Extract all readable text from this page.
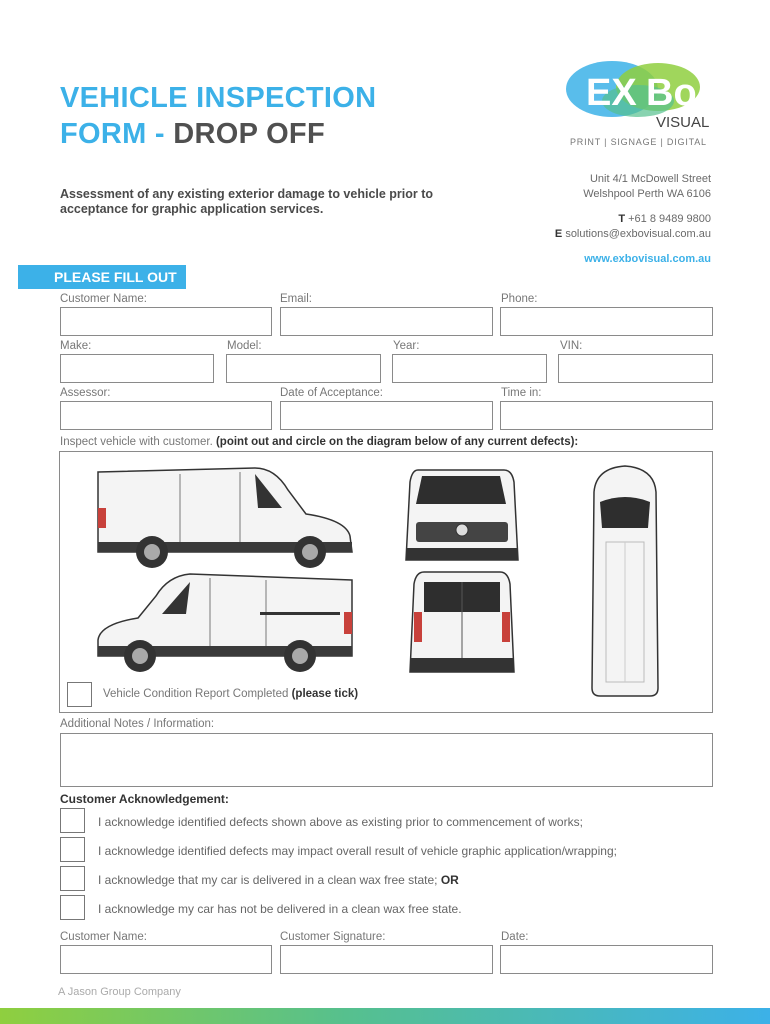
VEHICLE INSPECTION
FORM - DROP OFF
EX Bo
VISUAL
PRINT | SIGNAGE | DIGITAL
Assessment of any existing exterior damage to vehicle prior to acceptance for graphic application services.
Unit 4/1 McDowell Street
Welshpool Perth WA 6106
T +61 8 9489 9800
E solutions@exbovisual.com.au
www.exbovisual.com.au
PLEASE FILL OUT
Customer Name:	Email:	Phone:
Make:	Model:	Year:	VIN:
Assessor:	Date of Acceptance:	Time in:
Inspect vehicle with customer. (point out and circle on the diagram below of any current defects):
Vehicle Condition Report Completed (please tick)
Additional Notes / Information:
Customer Acknowledgement:
I acknowledge identified defects shown above as existing prior to commencement of works;
I acknowledge identified defects may impact overall result of vehicle graphic application/wrapping;
I acknowledge that my car is delivered in a clean wax free state; OR
I acknowledge my car has not be delivered in a clean wax free state.
Customer Name:	Customer Signature:	Date:
A Jason Group Company
